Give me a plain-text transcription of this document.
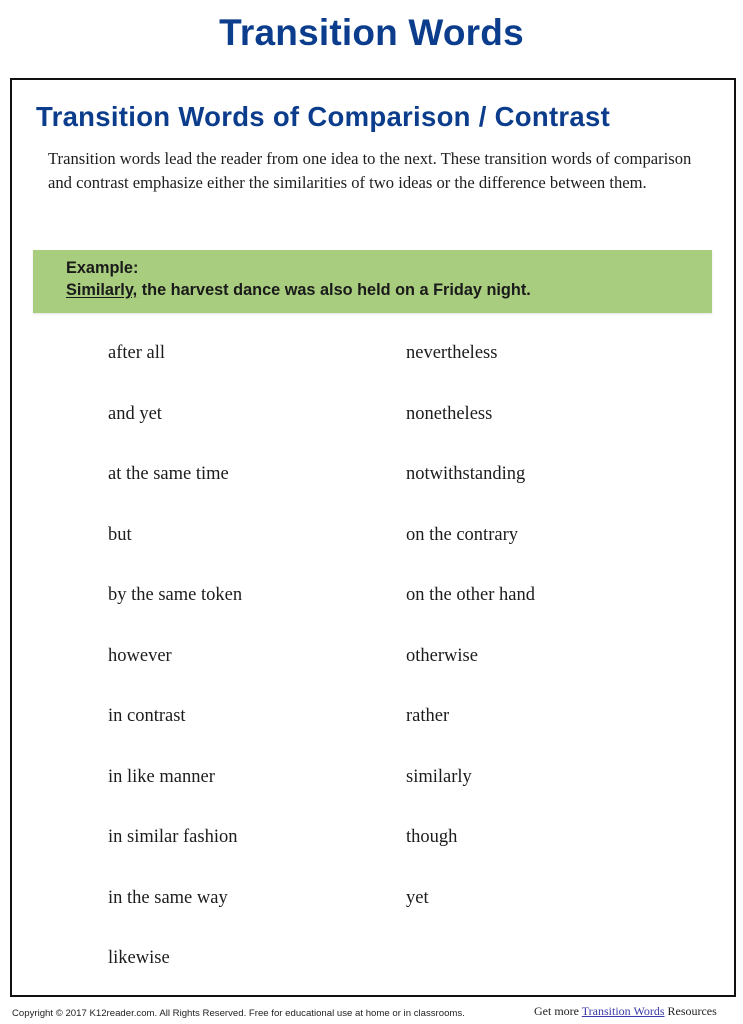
Transition Words
Transition Words of Comparison / Contrast

Transition words lead the reader from one idea to the next. These transition words of comparison and contrast emphasize either the similarities of two ideas or the difference between them.

Example:
Similarly, the harvest dance was also held on a Friday night.
after all
and yet
at the same time
but
by the same token
however
in contrast
in like manner
in similar fashion
in the same way
likewise
nevertheless
nonetheless
notwithstanding
on the contrary
on the other hand
otherwise
rather
similarly
though
yet
Copyright © 2017 K12reader.com. All Rights Reserved. Free for educational use at home or in classrooms.	Get more Transition Words Resources
